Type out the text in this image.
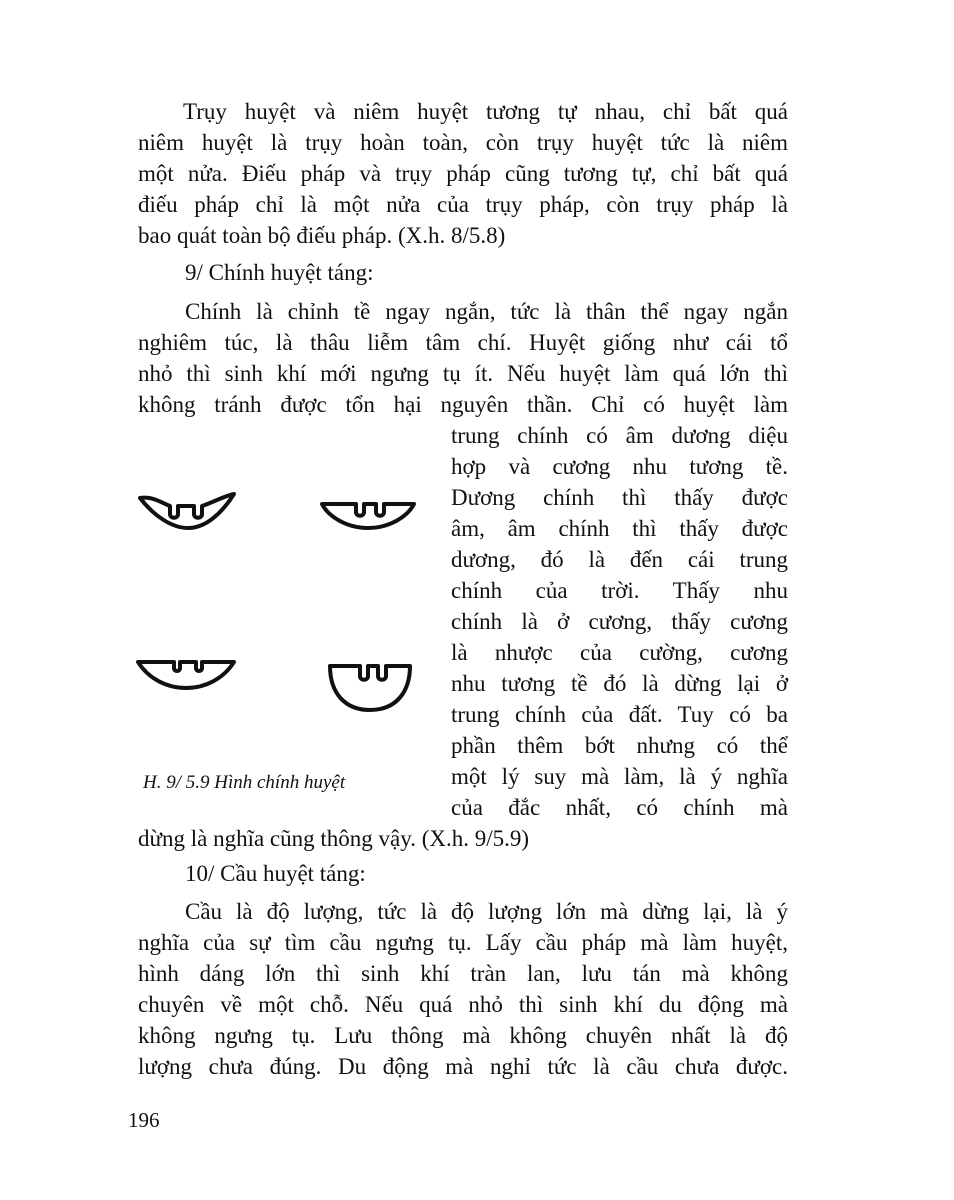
Trụy huyệt và niêm huyệt tương tự nhau, chỉ bất quá
niêm huyệt là trụy hoàn toàn, còn trụy huyệt tức là niêm
một nửa. Điếu pháp và trụy pháp cũng tương tự, chỉ bất quá
điếu pháp chỉ là một nửa của trụy pháp, còn trụy pháp là
bao quát toàn bộ điếu pháp. (X.h. 8/5.8)
9/ Chính huyệt táng:
Chính là chỉnh tề ngay ngắn, tức là thân thể ngay ngắn
nghiêm túc, là thâu liễm tâm chí. Huyệt giống như cái tổ
nhỏ thì sinh khí mới ngưng tụ ít. Nếu huyệt làm quá lớn thì
không tránh được tổn hại nguyên thần. Chỉ có huyệt làm
trung chính có âm dương diệu
hợp và cương nhu tương tề.
Dương chính thì thấy được
âm, âm chính thì thấy được
dương, đó là đến cái trung
chính của trời. Thấy nhu
chính là ở cương, thấy cương
là nhược của cường, cương
nhu tương tề đó là dừng lại ở
trung chính của đất. Tuy có ba
phần thêm bớt nhưng có thể
một lý suy mà làm, là ý nghĩa
của đắc nhất, có chính mà
dừng là nghĩa cũng thông vậy. (X.h. 9/5.9)
H. 9/ 5.9 Hình chính huyệt
10/ Cầu huyệt táng:
Cầu là độ lượng, tức là độ lượng lớn mà dừng lại, là ý
nghĩa của sự tìm cầu ngưng tụ. Lấy cầu pháp mà làm huyệt,
hình dáng lớn thì sinh khí tràn lan, lưu tán mà không
chuyên về một chỗ. Nếu quá nhỏ thì sinh khí du động mà
không ngưng tụ. Lưu thông mà không chuyên nhất là độ
lượng chưa đúng. Du động mà nghỉ tức là cầu chưa được.
196
